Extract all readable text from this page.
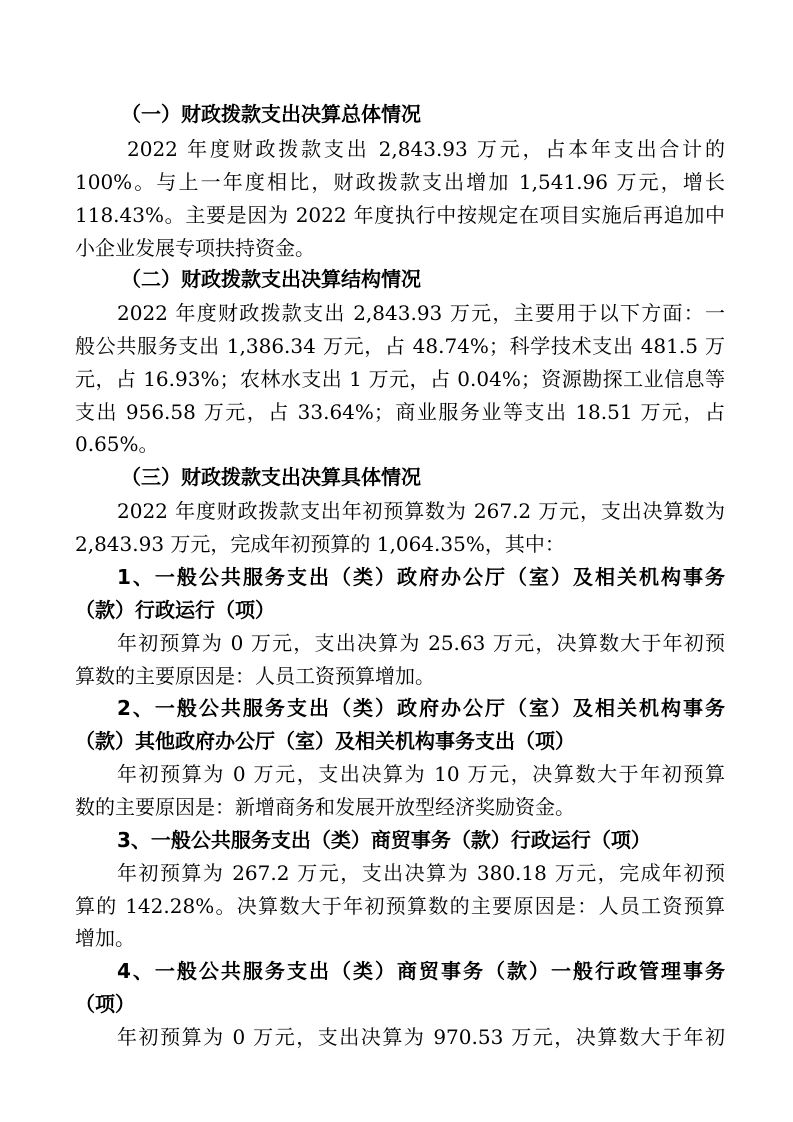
（一）财政拨款支出决算总体情况
2022 年度财政拨款支出 2,843.93 万元，占本年支出合计的
100%。与上一年度相比，财政拨款支出增加 1,541.96 万元，增长
118.43%。主要是因为 2022 年度执行中按规定在项目实施后再追加中
小企业发展专项扶持资金。
（二）财政拨款支出决算结构情况
2022 年度财政拨款支出 2,843.93 万元，主要用于以下方面：一
般公共服务支出 1,386.34 万元，占 48.74%；科学技术支出 481.5 万
元，占 16.93%；农林水支出 1 万元，占 0.04%；资源勘探工业信息等
支出 956.58 万元，占 33.64%；商业服务业等支出 18.51 万元，占
0.65%。
（三）财政拨款支出决算具体情况
2022 年度财政拨款支出年初预算数为 267.2 万元，支出决算数为
2,843.93 万元，完成年初预算的 1,064.35%，其中：
1、一般公共服务支出（类）政府办公厅（室）及相关机构事务
（款）行政运行（项）
年初预算为 0 万元，支出决算为 25.63 万元，决算数大于年初预
算数的主要原因是：人员工资预算增加。
2、一般公共服务支出（类）政府办公厅（室）及相关机构事务
（款）其他政府办公厅（室）及相关机构事务支出（项）
年初预算为 0 万元，支出决算为 10 万元，决算数大于年初预算
数的主要原因是：新增商务和发展开放型经济奖励资金。
3、一般公共服务支出（类）商贸事务（款）行政运行（项）
年初预算为 267.2 万元，支出决算为 380.18 万元，完成年初预
算的 142.28%。决算数大于年初预算数的主要原因是：人员工资预算
增加。
4、一般公共服务支出（类）商贸事务（款）一般行政管理事务
（项）
年初预算为 0 万元，支出决算为 970.53 万元，决算数大于年初
